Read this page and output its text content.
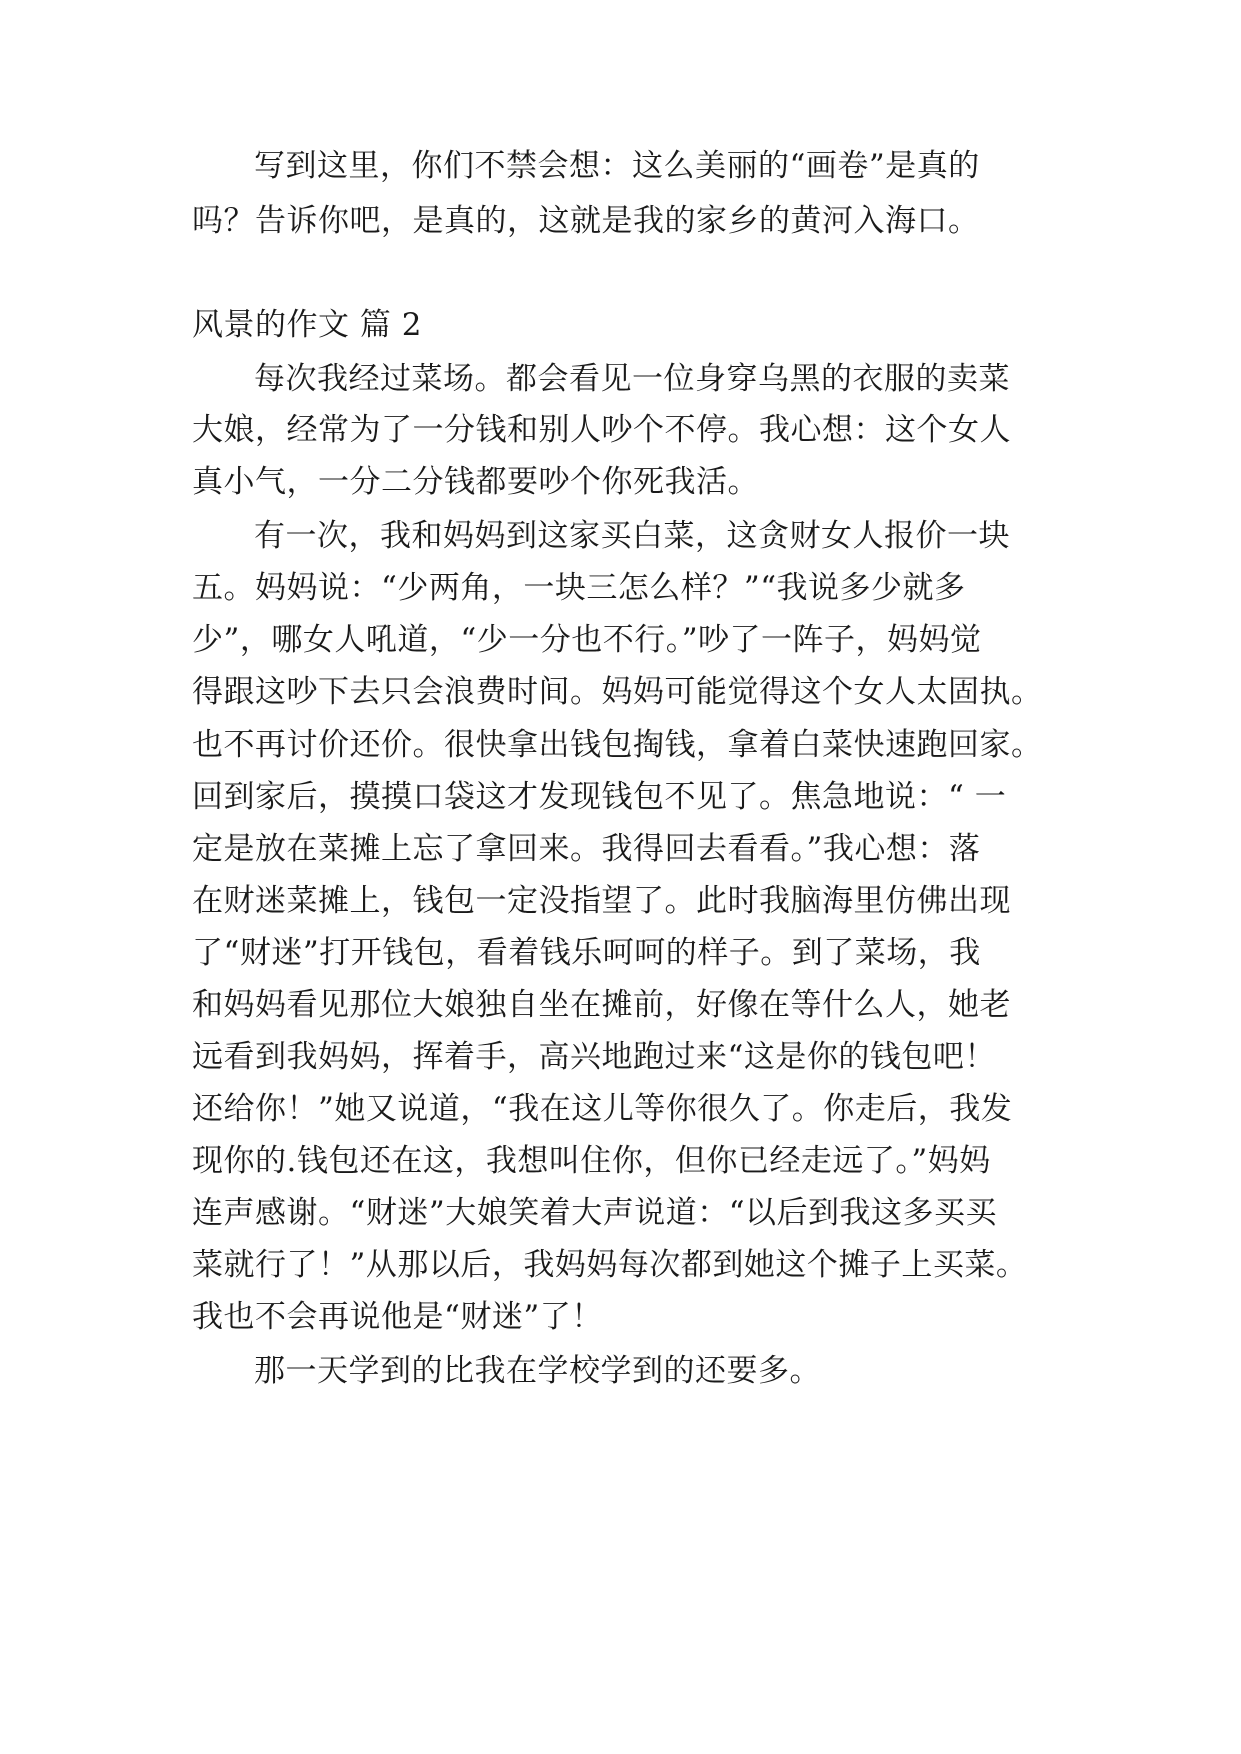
写到这里，你们不禁会想：这么美丽的“画卷”是真的
吗？告诉你吧，是真的，这就是我的家乡的黄河入海口。
风景的作文 篇 2
每次我经过菜场。都会看见一位身穿乌黑的衣服的卖菜
大娘，经常为了一分钱和别人吵个不停。我心想：这个女人
真小气，一分二分钱都要吵个你死我活。
有一次，我和妈妈到这家买白菜，这贪财女人报价一块
五。妈妈说：“少两角，一块三怎么样？”“我说多少就多
少”，哪女人吼道，“少一分也不行。”吵了一阵子，妈妈觉
得跟这吵下去只会浪费时间。妈妈可能觉得这个女人太固执。
也不再讨价还价。很快拿出钱包掏钱，拿着白菜快速跑回家。
回到家后，摸摸口袋这才发现钱包不见了。焦急地说：“ 一
定是放在菜摊上忘了拿回来。我得回去看看。”我心想：落
在财迷菜摊上，钱包一定没指望了。此时我脑海里仿佛出现
了“财迷”打开钱包，看着钱乐呵呵的样子。到了菜场，我
和妈妈看见那位大娘独自坐在摊前，好像在等什么人，她老
远看到我妈妈，挥着手，高兴地跑过来“这是你的钱包吧！
还给你！”她又说道，“我在这儿等你很久了。你走后，我发
现你的.钱包还在这，我想叫住你，但你已经走远了。”妈妈
连声感谢。“财迷”大娘笑着大声说道：“以后到我这多买买
菜就行了！”从那以后，我妈妈每次都到她这个摊子上买菜。
我也不会再说他是“财迷”了！
那一天学到的比我在学校学到的还要多。
